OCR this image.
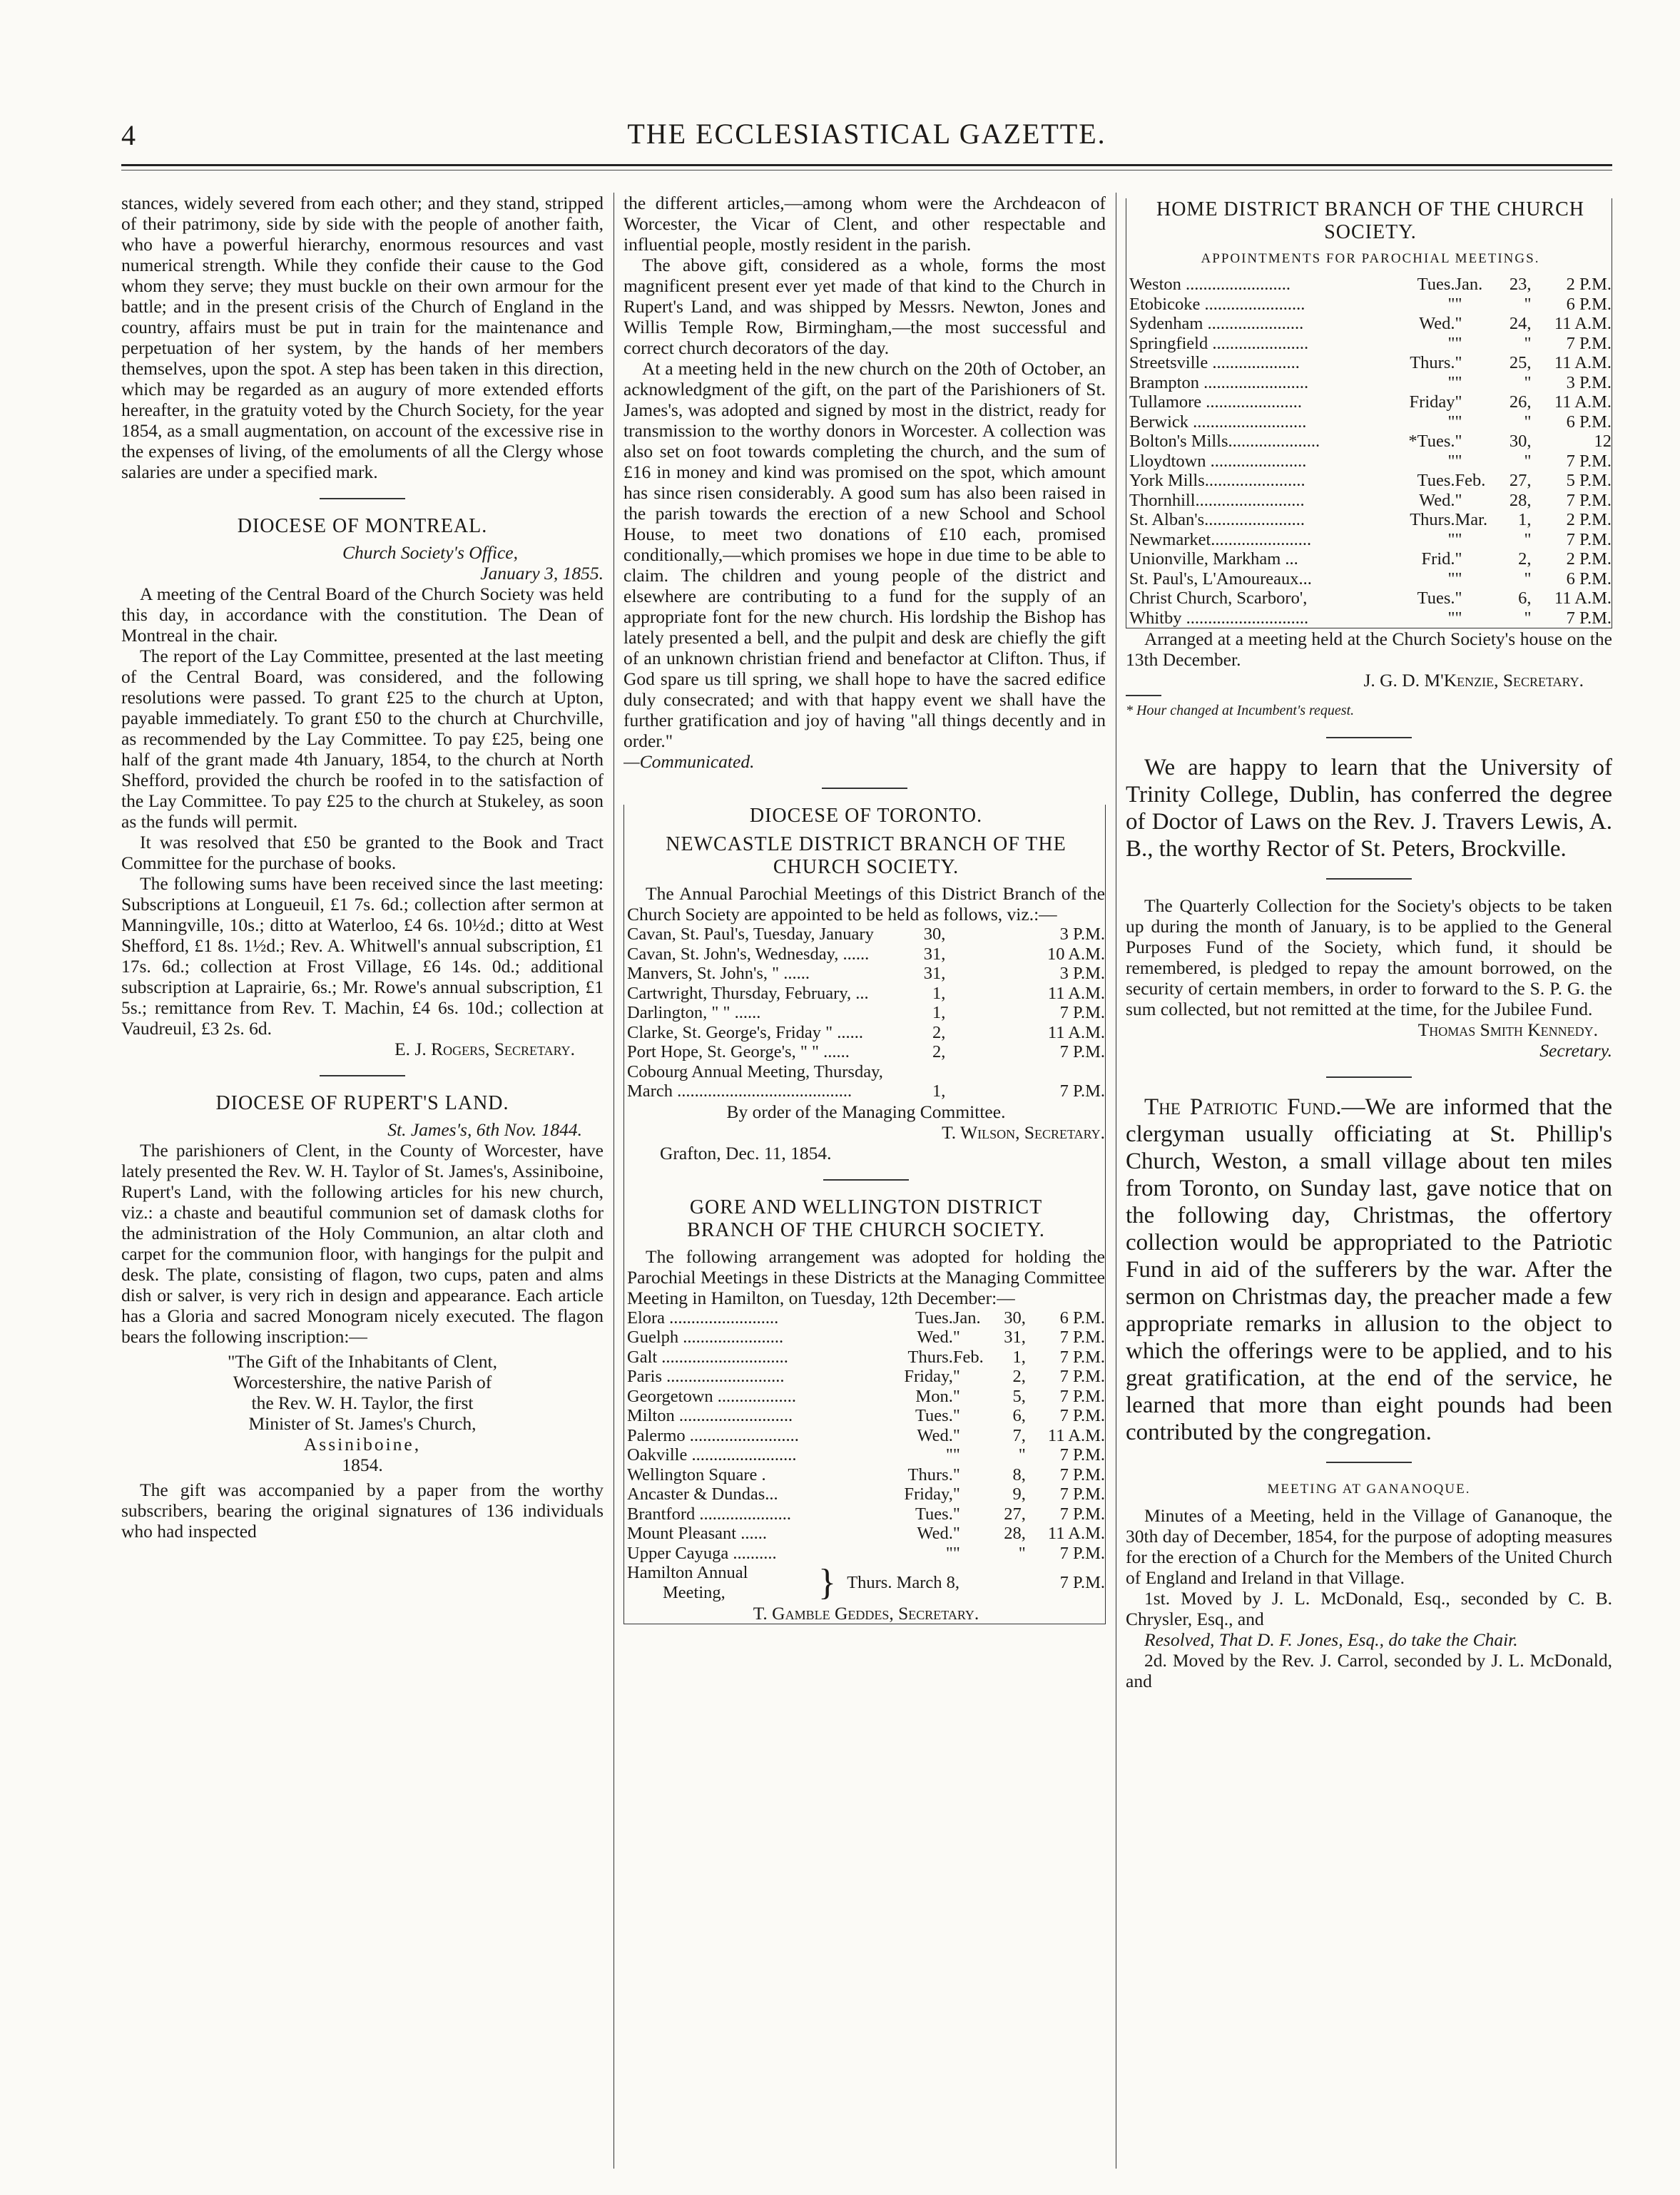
4	THE ECCLESIASTICAL GAZETTE.

stances, widely severed from each other; and they stand, stripped of their patrimony, side by side with the people of another faith, who have a powerful hierarchy, enormous resources and vast numerical strength. While they confide their cause to the God whom they serve; they must buckle on their own armour for the battle; and in the present crisis of the Church of England in the country, affairs must be put in train for the maintenance and perpetuation of her system, by the hands of her members themselves, upon the spot. A step has been taken in this direction, which may be regarded as an augury of more extended efforts hereafter, in the gratuity voted by the Church Society, for the year 1854, as a small augmentation, on account of the excessive rise in the expenses of living, of the emoluments of all the Clergy whose salaries are under a specified mark.

DIOCESE OF MONTREAL.

Church Society's Office,

January 3, 1855.

A meeting of the Central Board of the Church Society was held this day, in accordance with the constitution. The Dean of Montreal in the chair.

The report of the Lay Committee, presented at the last meeting of the Central Board, was considered, and the following resolutions were passed. To grant £25 to the church at Upton, payable immediately. To grant £50 to the church at Churchville, as recommended by the Lay Committee. To pay £25, being one half of the grant made 4th January, 1854, to the church at North Shefford, provided the church be roofed in to the satisfaction of the Lay Committee. To pay £25 to the church at Stukeley, as soon as the funds will permit.

It was resolved that £50 be granted to the Book and Tract Committee for the purchase of books.

The following sums have been received since the last meeting: Subscriptions at Longueuil, £1 7s. 6d.; collection after sermon at Manningville, 10s.; ditto at Waterloo, £4 6s. 10½d.; ditto at West Shefford, £1 8s. 1½d.; Rev. A. Whitwell's annual subscription, £1 17s. 6d.; collection at Frost Village, £6 14s. 0d.; additional subscription at Laprairie, 6s.; Mr. Rowe's annual subscription, £1 5s.; remittance from Rev. T. Machin, £4 6s. 10d.; collection at Vaudreuil, £3 2s. 6d.

E. J. Rogers, Secretary.

DIOCESE OF RUPERT'S LAND.

St. James's, 6th Nov. 1844.

The parishioners of Clent, in the County of Worcester, have lately presented the Rev. W. H. Taylor of St. James's, Assiniboine, Rupert's Land, with the following articles for his new church, viz.: a chaste and beautiful communion set of damask cloths for the administration of the Holy Communion, an altar cloth and carpet for the communion floor, with hangings for the pulpit and desk. The plate, consisting of flagon, two cups, paten and alms dish or salver, is very rich in design and appearance. Each article has a Gloria and sacred Monogram nicely executed. The flagon bears the following inscription:—

"The Gift of the Inhabitants of Clent,
Worcestershire, the native Parish of
the Rev. W. H. Taylor, the first
Minister of St. James's Church,
Assiniboine,
1854.

The gift was accompanied by a paper from the worthy subscribers, bearing the original signatures of 136 individuals who had inspected

the different articles,—among whom were the Archdeacon of Worcester, the Vicar of Clent, and other respectable and influential people, mostly resident in the parish.

The above gift, considered as a whole, forms the most magnificent present ever yet made of that kind to the Church in Rupert's Land, and was shipped by Messrs. Newton, Jones and Willis Temple Row, Birmingham,—the most successful and correct church decorators of the day.

At a meeting held in the new church on the 20th of October, an acknowledgment of the gift, on the part of the Parishioners of St. James's, was adopted and signed by most in the district, ready for transmission to the worthy donors in Worcester. A collection was also set on foot towards completing the church, and the sum of £16 in money and kind was promised on the spot, which amount has since risen considerably. A good sum has also been raised in the parish towards the erection of a new School and School House, to meet two donations of £10 each, promised conditionally,—which promises we hope in due time to be able to claim. The children and young people of the district and elsewhere are contributing to a fund for the supply of an appropriate font for the new church. His lordship the Bishop has lately presented a bell, and the pulpit and desk are chiefly the gift of an unknown christian friend and benefactor at Clifton. Thus, if God spare us till spring, we shall hope to have the sacred edifice duly consecrated; and with that happy event we shall have the further gratification and joy of having "all things decently and in order."

—Communicated.

DIOCESE OF TORONTO.
NEWCASTLE DISTRICT BRANCH OF THE
CHURCH SOCIETY.

The Annual Parochial Meetings of this District Branch of the Church Society are appointed to be held as follows, viz.:—

Cavan, St. Paul's, Tuesday, January	30,	3 P.M.
Cavan, St. John's, Wednesday, ......	31,	10 A.M.
Manvers, St. John's, " ......	31,	3 P.M.
Cartwright, Thursday, February, ...	1,	11 A.M.
Darlington, " " ......	1,	7 P.M.
Clarke, St. George's, Friday " ......	2,	11 A.M.
Port Hope, St. George's, " " ......	2,	7 P.M.
Cobourg Annual Meeting, Thursday,		
March ........................................	1,	7 P.M.

By order of the Managing Committee.

T. Wilson, Secretary.

Grafton, Dec. 11, 1854.

GORE AND WELLINGTON DISTRICT
BRANCH OF THE CHURCH SOCIETY.

The following arrangement was adopted for holding the Parochial Meetings in these Districts at the Managing Committee Meeting in Hamilton, on Tuesday, 12th December:—

Elora .........................	Tues.	Jan.	30,	6 P.M.
Guelph .......................	Wed.	"	31,	7 P.M.
Galt .............................	Thurs.	Feb.	1,	7 P.M.
Paris ...........................	Friday,	"	2,	7 P.M.
Georgetown ..................	Mon.	"	5,	7 P.M.
Milton ..........................	Tues.	"	6,	7 P.M.
Palermo .........................	Wed.	"	7,	11 A.M.
Oakville ........................	"	"	"	7 P.M.
Wellington Square .	Thurs.	"	8,	7 P.M.
Ancaster & Dundas...	Friday,	"	9,	7 P.M.
Brantford .....................	Tues.	"	27,	7 P.M.
Mount Pleasant ......	Wed.	"	28,	11 A.M.
Upper Cayuga ..........	"	"	"	7 P.M.
Hamilton Annual
Meeting,	}	Thurs. March 8,	7 P.M.

T. Gamble Geddes, Secretary.

HOME DISTRICT BRANCH OF THE CHURCH
SOCIETY.
APPOINTMENTS FOR PAROCHIAL MEETINGS.
Weston ........................	Tues.	Jan.	23,	2 P.M.
Etobicoke .......................	"	"	"	6 P.M.
Sydenham ......................	Wed.	"	24,	11 A.M.
Springfield ......................	"	"	"	7 P.M.
Streetsville ....................	Thurs.	"	25,	11 A.M.
Brampton ........................	"	"	"	3 P.M.
Tullamore ......................	Friday	"	26,	11 A.M.
Berwick ..........................	"	"	"	6 P.M.
Bolton's Mills.....................	*Tues.	"	30,	12
Lloydtown ......................	"	"	"	7 P.M.
York Mills.......................	Tues.	Feb.	27,	5 P.M.
Thornhill.........................	Wed.	"	28,	7 P.M.
St. Alban's.......................	Thurs.	Mar.	1,	2 P.M.
Newmarket.......................	"	"	"	7 P.M.
Unionville, Markham ...	Frid.	"	2,	2 P.M.
St. Paul's, L'Amoureaux...	"	"	"	6 P.M.
Christ Church, Scarboro',	Tues.	"	6,	11 A.M.
Whitby ............................	"	"	"	7 P.M.

Arranged at a meeting held at the Church Society's house on the 13th December.

J. G. D. M'Kenzie, Secretary.

* Hour changed at Incumbent's request.

We are happy to learn that the University of Trinity College, Dublin, has conferred the degree of Doctor of Laws on the Rev. J. Travers Lewis, A. B., the worthy Rector of St. Peters, Brockville.

The Quarterly Collection for the Society's objects to be taken up during the month of January, is to be applied to the General Purposes Fund of the Society, which fund, it should be remembered, is pledged to repay the amount borrowed, on the security of certain members, in order to forward to the S. P. G. the sum collected, but not remitted at the time, for the Jubilee Fund.

Thomas Smith Kennedy.

Secretary.

The Patriotic Fund.—We are informed that the clergyman usually officiating at St. Phillip's Church, Weston, a small village about ten miles from Toronto, on Sunday last, gave notice that on the following day, Christmas, the offertory collection would be appropriated to the Patriotic Fund in aid of the sufferers by the war. After the sermon on Christmas day, the preacher made a few appropriate remarks in allusion to the object to which the offerings were to be applied, and to his great gratification, at the end of the service, he learned that more than eight pounds had been contributed by the congregation.

MEETING AT GANANOQUE.

Minutes of a Meeting, held in the Village of Gananoque, the 30th day of December, 1854, for the purpose of adopting measures for the erection of a Church for the Members of the United Church of England and Ireland in that Village.

1st. Moved by J. L. McDonald, Esq., seconded by C. B. Chrysler, Esq., and

Resolved, That D. F. Jones, Esq., do take the Chair.

2d. Moved by the Rev. J. Carrol, seconded by J. L. McDonald, and
